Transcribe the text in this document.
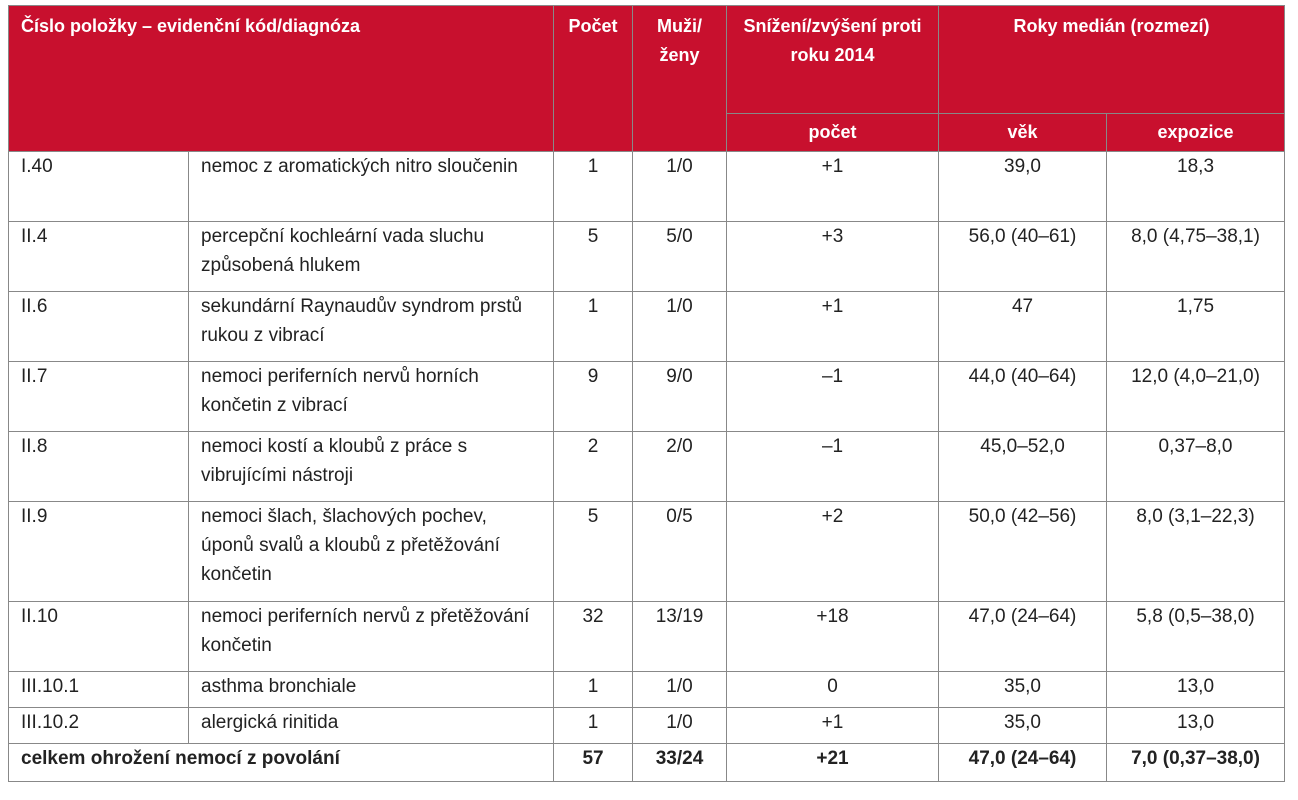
Číslo položky – evidenční kód/diagnóza		Počet	Muži/ženy	Snížení/zvýšení proti roku 2014	Roky medián (rozmezí)	
				počet	věk	expozice
I.40	nemoc z aromatických nitro sloučenin	1	1/0	+1	39,0	18,3
II.4	percepční kochleární vada sluchu způsobená hlukem	5	5/0	+3	56,0 (40–61)	8,0 (4,75–38,1)
II.6	sekundární Raynaudův syndrom prstů rukou z vibrací	1	1/0	+1	47	1,75
II.7	nemoci periferních nervů horních končetin z vibrací	9	9/0	–1	44,0 (40–64)	12,0 (4,0–21,0)
II.8	nemoci kostí a kloubů z práce s vibrujícími nástroji	2	2/0	–1	45,0–52,0	0,37–8,0
II.9	nemoci šlach, šlachových pochev, úponů svalů a kloubů z přetěžování končetin	5	0/5	+2	50,0 (42–56)	8,0 (3,1–22,3)
II.10	nemoci periferních nervů z přetěžování končetin	32	13/19	+18	47,0 (24–64)	5,8 (0,5–38,0)
III.10.1	asthma bronchiale	1	1/0	0	35,0	13,0
III.10.2	alergická rinitida	1	1/0	+1	35,0	13,0
celkem ohrožení nemocí z povolání		57	33/24	+21	47,0 (24–64)	7,0 (0,37–38,0)
